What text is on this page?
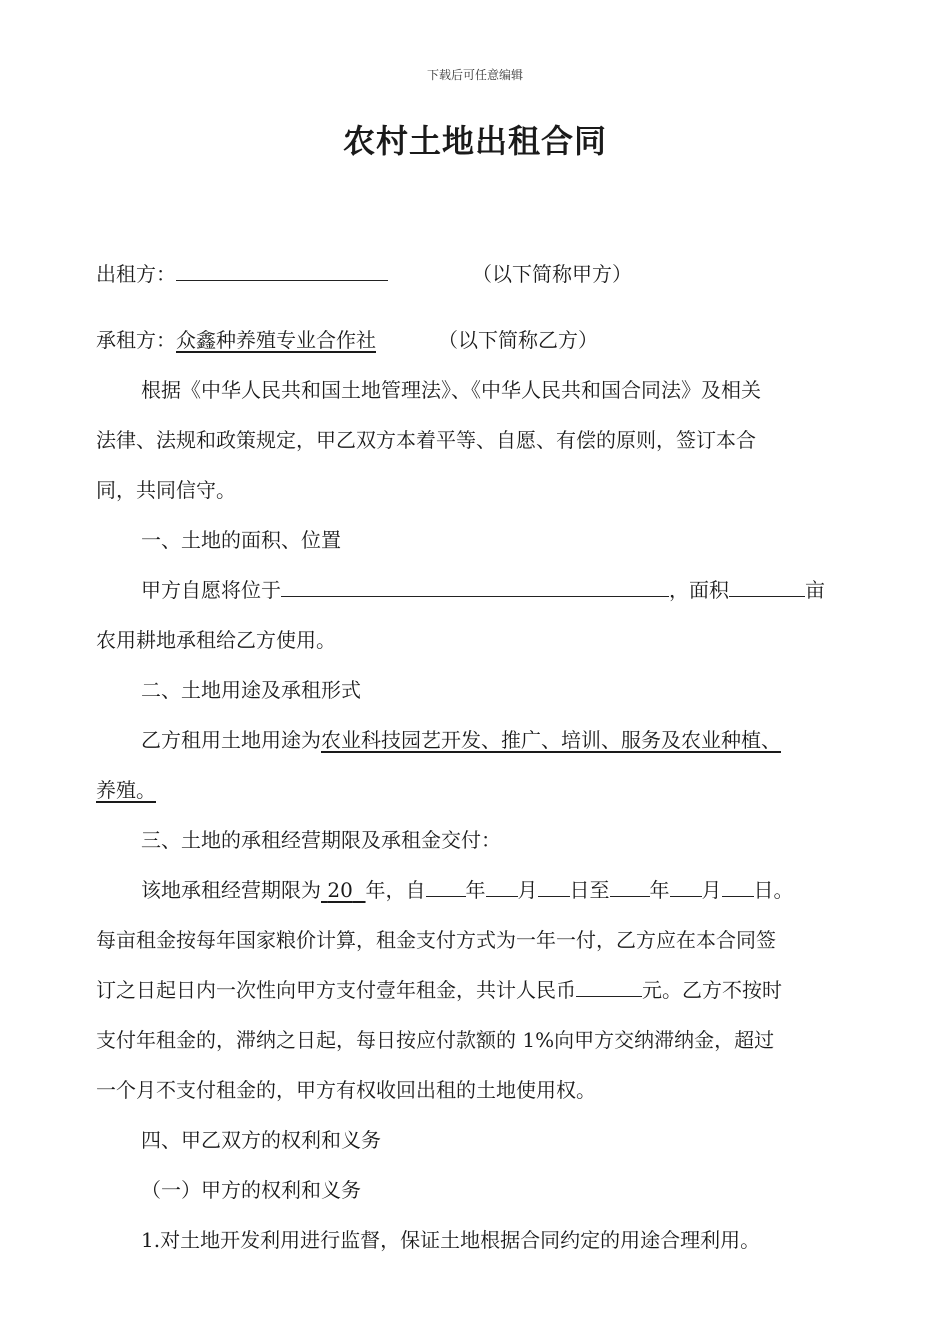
下载后可任意编辑
农村土地出租合同
出租方：	（以下简称甲方）
承租方：众鑫种养殖专业合作社	（以下简称乙方）
根据《中华人民共和国土地管理法》、《中华人民共和国合同法》及相关
法律、法规和政策规定，甲乙双方本着平等、自愿、有偿的原则，签订本合
同，共同信守。
一、土地的面积、位置
甲方自愿将位于	，面积	亩
农用耕地承租给乙方使用。
二、土地用途及承租形式
乙方租用土地用途为农业科技园艺开发、推广、培训、服务及农业种植、
养殖。
三、土地的承租经营期限及承租金交付：
该地承租经营期限为 20 年，自 年 月 日至 年 月 日。
每亩租金按每年国家粮价计算，租金支付方式为一年一付，乙方应在本合同签
订之日起日内一次性向甲方支付壹年租金，共计人民币	元。乙方不按时
支付年租金的，滞纳之日起，每日按应付款额的 1%向甲方交纳滞纳金，超过
一个月不支付租金的，甲方有权收回出租的土地使用权。
四、甲乙双方的权利和义务
（一）甲方的权利和义务
1.对土地开发利用进行监督，保证土地根据合同约定的用途合理利用。
